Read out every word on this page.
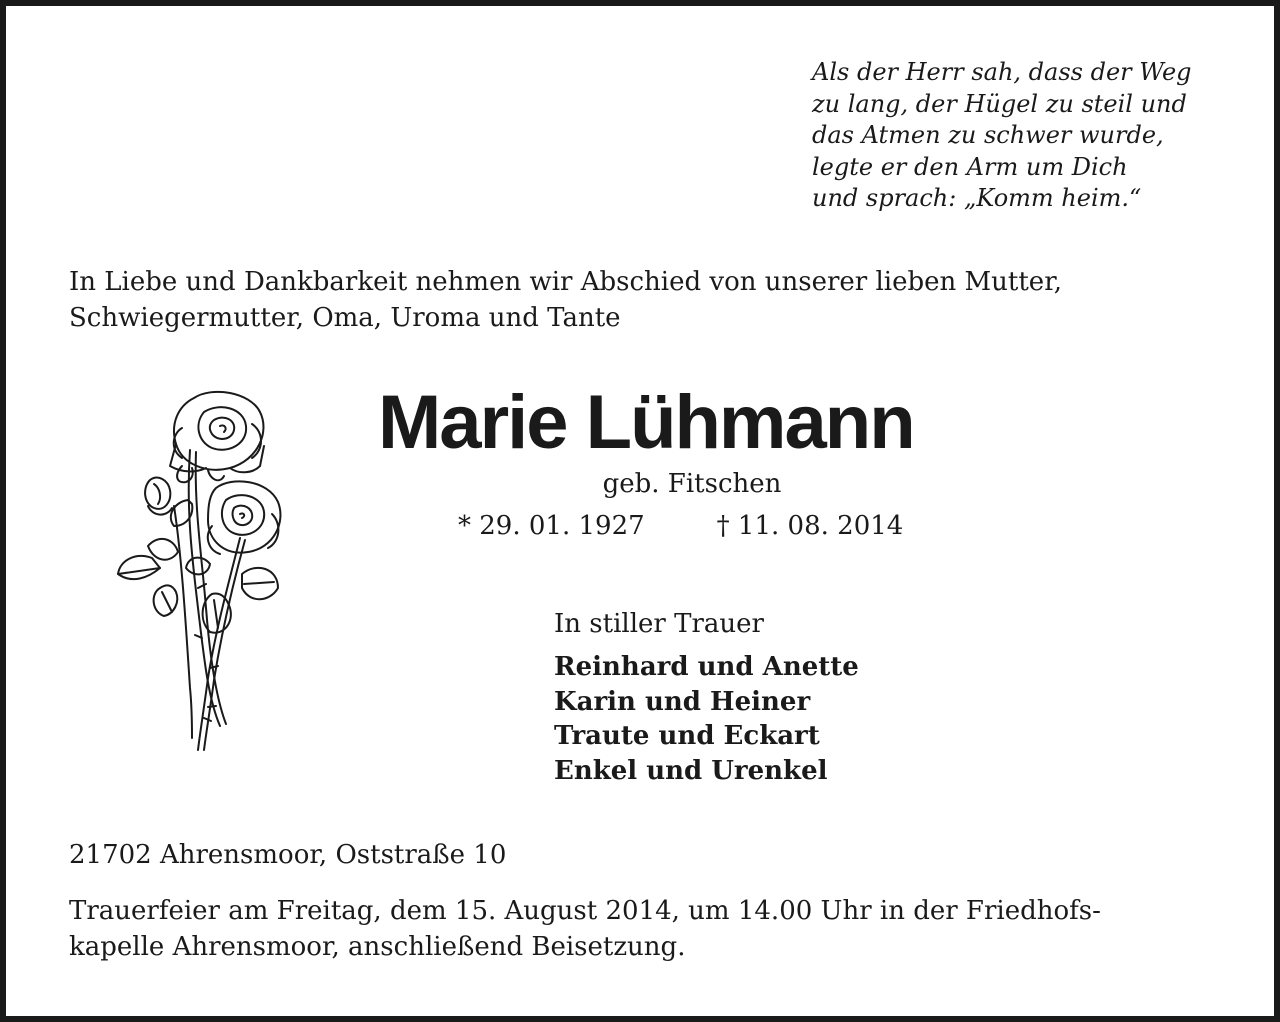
Als der Herr sah, dass der Weg
zu lang, der Hügel zu steil und
das Atmen zu schwer wurde,
legte er den Arm um Dich
und sprach: „Komm heim.“
In Liebe und Dankbarkeit nehmen wir Abschied von unserer lieben Mutter,
Schwiegermutter, Oma, Uroma und Tante
Marie Lühmann
geb. Fitschen
* 29. 01. 1927	† 11. 08. 2014
In stiller Trauer
Reinhard und Anette
Karin und Heiner
Traute und Eckart
Enkel und Urenkel
21702 Ahrensmoor, Oststraße 10
Trauerfeier am Freitag, dem 15. August 2014, um 14.00 Uhr in der Friedhofs-
kapelle Ahrensmoor, anschließend Beisetzung.
